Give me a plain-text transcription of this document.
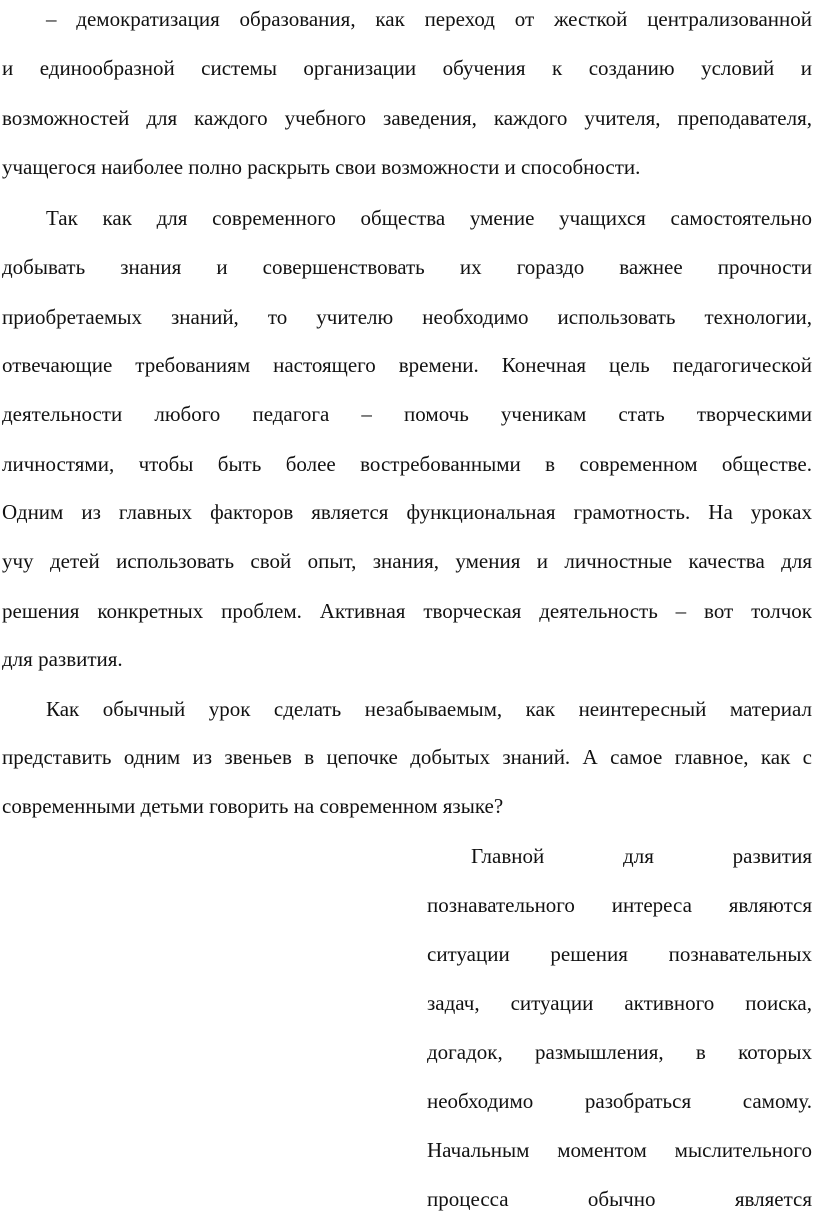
– демократизация образования, как переход от жесткой централизованной
и единообразной системы организации обучения к созданию условий и
возможностей для каждого учебного заведения, каждого учителя, преподавателя,
учащегося наиболее полно раскрыть свои возможности и способности.
Так как для современного общества умение учащихся самостоятельно
добывать знания и совершенствовать их гораздо важнее прочности
приобретаемых знаний, то учителю необходимо использовать технологии,
отвечающие требованиям настоящего времени. Конечная цель педагогической
деятельности любого педагога – помочь ученикам стать творческими
личностями, чтобы быть более востребованными в современном обществе.
Одним из главных факторов является функциональная грамотность. На уроках
учу детей использовать свой опыт, знания, умения и личностные качества для
решения конкретных проблем. Активная творческая деятельность – вот толчок
для развития.
Как обычный урок сделать незабываемым, как неинтересный материал
представить одним из звеньев в цепочке добытых знаний. А самое главное, как с
современными детьми говорить на современном языке?
Главной для развития
познавательного интереса являются
ситуации решения познавательных
задач, ситуации активного поиска,
догадок, размышления, в которых
необходимо разобраться самому.
Начальным моментом мыслительного
процесса обычно является
